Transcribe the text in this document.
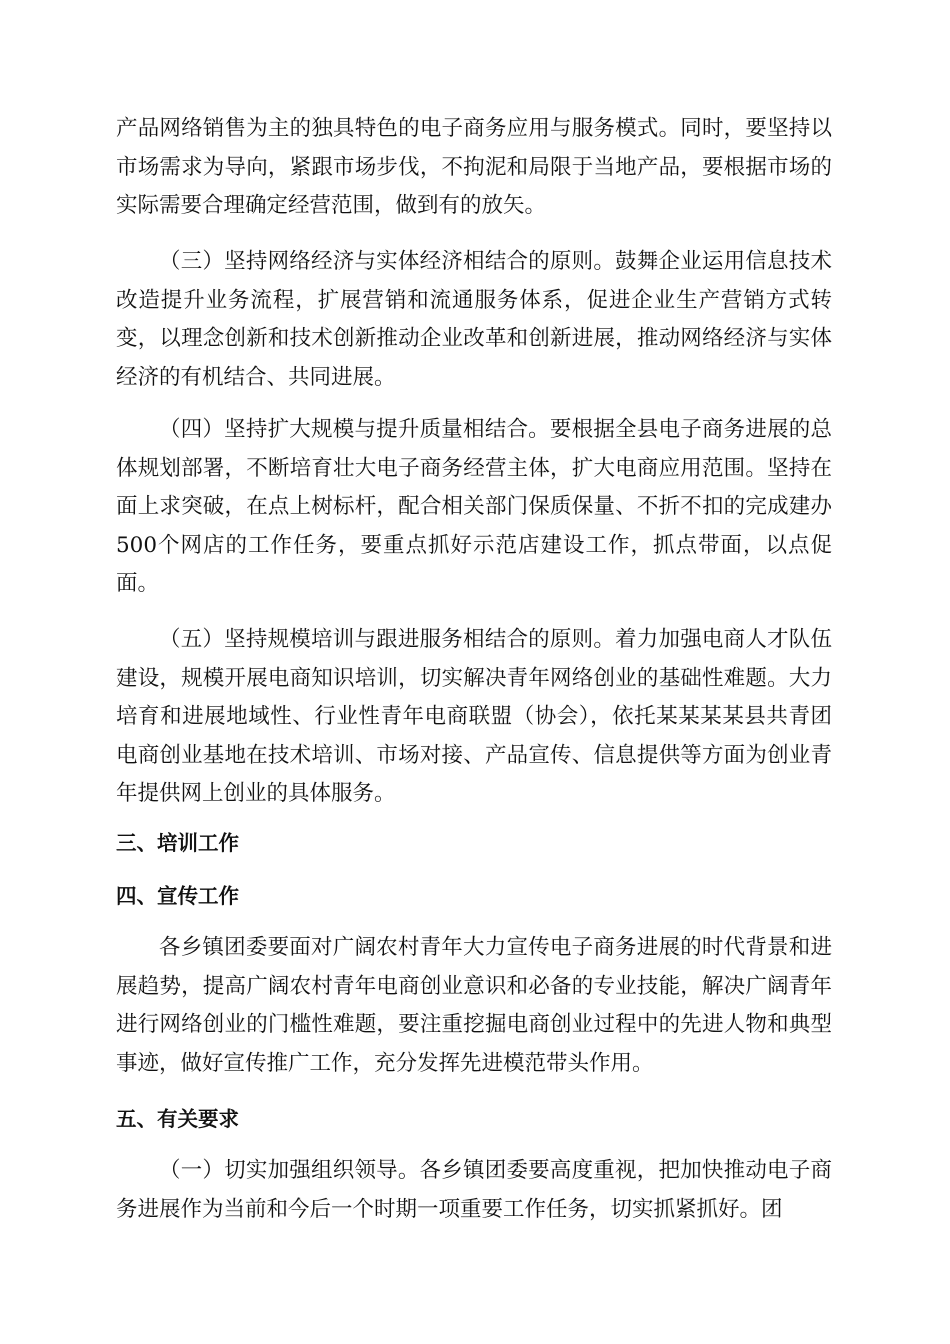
产品网络销售为主的独具特色的电子商务应用与服务模式。同时，要坚持以市场需求为导向，紧跟市场步伐，不拘泥和局限于当地产品，要根据市场的实际需要合理确定经营范围，做到有的放矢。

（三）坚持网络经济与实体经济相结合的原则。鼓舞企业运用信息技术改造提升业务流程，扩展营销和流通服务体系，促进企业生产营销方式转变，以理念创新和技术创新推动企业改革和创新进展，推动网络经济与实体经济的有机结合、共同进展。

（四）坚持扩大规模与提升质量相结合。要根据全县电子商务进展的总体规划部署，不断培育壮大电子商务经营主体，扩大电商应用范围。坚持在面上求突破，在点上树标杆，配合相关部门保质保量、不折不扣的完成建办500个网店的工作任务，要重点抓好示范店建设工作，抓点带面，以点促面。

（五）坚持规模培训与跟进服务相结合的原则。着力加强电商人才队伍建设，规模开展电商知识培训，切实解决青年网络创业的基础性难题。大力培育和进展地域性、行业性青年电商联盟（协会），依托某某某某县共青团电商创业基地在技术培训、市场对接、产品宣传、信息提供等方面为创业青年提供网上创业的具体服务。

三、培训工作
四、宣传工作

各乡镇团委要面对广阔农村青年大力宣传电子商务进展的时代背景和进展趋势，提高广阔农村青年电商创业意识和必备的专业技能，解决广阔青年进行网络创业的门槛性难题，要注重挖掘电商创业过程中的先进人物和典型事迹，做好宣传推广工作，充分发挥先进模范带头作用。

五、有关要求

（一）切实加强组织领导。各乡镇团委要高度重视，把加快推动电子商务进展作为当前和今后一个时期一项重要工作任务，切实抓紧抓好。团
